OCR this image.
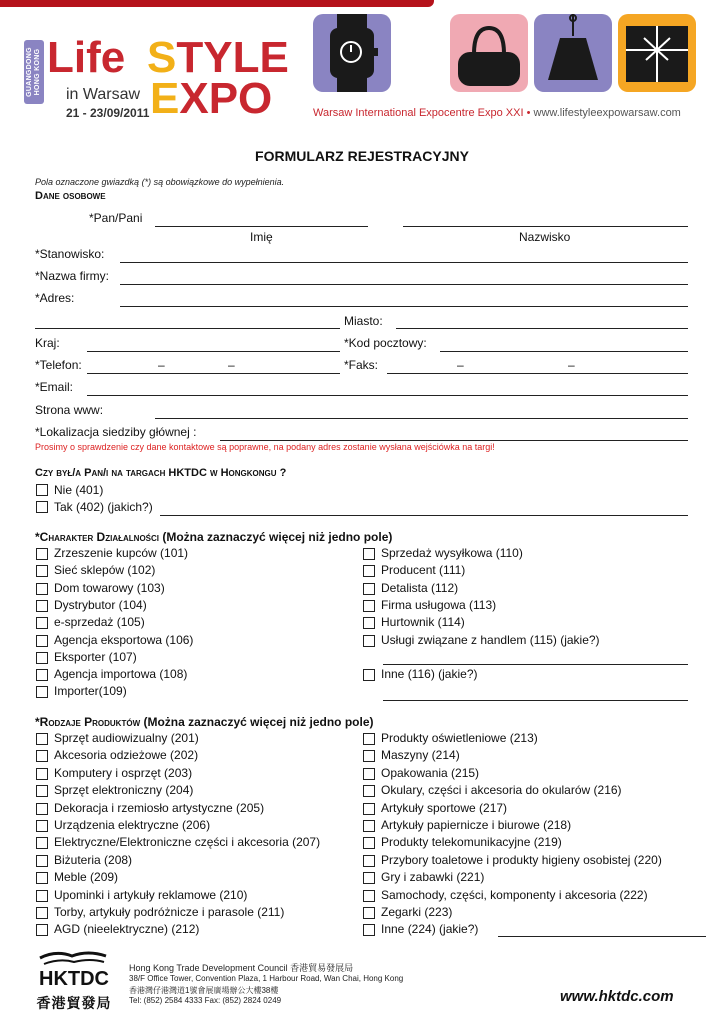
GUANGDONG
HONG KONG Life STYLE
in Warsaw EXPO
21 - 23/09/2011	Warsaw International Expocentre Expo XXI • www.lifestyleexpowarsaw.com
FORMULARZ REJESTRACYJNY
Pola oznaczone gwiazdką (*) są obowiązkowe do wypełnienia.
Dane osobowe
*Pan/Pani
Imię	Nazwisko
*Stanowisko:
*Nazwa firmy:
*Adres:
Miasto:
Kraj:	*Kod pocztowy:
*Telefon:	–	–	*Faks:	–	–
*Email:
Strona www:
*Lokalizacja siedziby głównej :
Prosimy o sprawdzenie czy dane kontaktowe są poprawne, na podany adres zostanie wysłana wejściówka na targi!
Czy był/a Pan/i na targach HKTDC w Hongkongu ?
Nie (401)
Tak (402) (jakich?)
*Charakter Działalności (Można zaznaczyć więcej niż jedno pole)
Zrzeszenie kupców (101)
Sieć sklepów (102)
Dom towarowy (103)
Dystrybutor (104)
e-sprzedaż (105)
Agencja eksportowa (106)
Eksporter (107)
Agencja importowa (108)
Importer(109)
Sprzedaż wysyłkowa (110)
Producent (111)
Detalista (112)
Firma usługowa (113)
Hurtownik (114)
Usługi związane z handlem (115) (jakie?)
Inne (116) (jakie?)
*Rodzaje Produktów (Można zaznaczyć więcej niż jedno pole)
Sprzęt audiowizualny (201)
Akcesoria odzieżowe (202)
Komputery i osprzęt (203)
Sprzęt elektroniczny (204)
Dekoracja i rzemiosło artystyczne (205)
Urządzenia elektryczne (206)
Elektryczne/Elektroniczne części i akcesoria (207)
Biżuteria (208)
Meble (209)
Upominki i artykuły reklamowe (210)
Torby, artykuły podróżnicze i parasole (211)
AGD (nieelektryczne) (212)
Produkty oświetleniowe (213)
Maszyny (214)
Opakowania (215)
Okulary, części i akcesoria do okularów (216)
Artykuły sportowe (217)
Artykuły papiernicze i biurowe (218)
Produkty telekomunikacyjne (219)
Przybory toaletowe i produkty higieny osobistej (220)
Gry i zabawki (221)
Samochody, części, komponenty i akcesoria (222)
Zegarki (223)
Inne (224) (jakie?)
HKTDC
香港貿發局
Hong Kong Trade Development Council 香港貿易發展局
38/F Office Tower, Convention Plaza, 1 Harbour Road, Wan Chai, Hong Kong
香港灣仔港灣道1號會展廣場辦公大樓38樓
Tel: (852) 2584 4333 Fax: (852) 2824 0249	www.hktdc.com
